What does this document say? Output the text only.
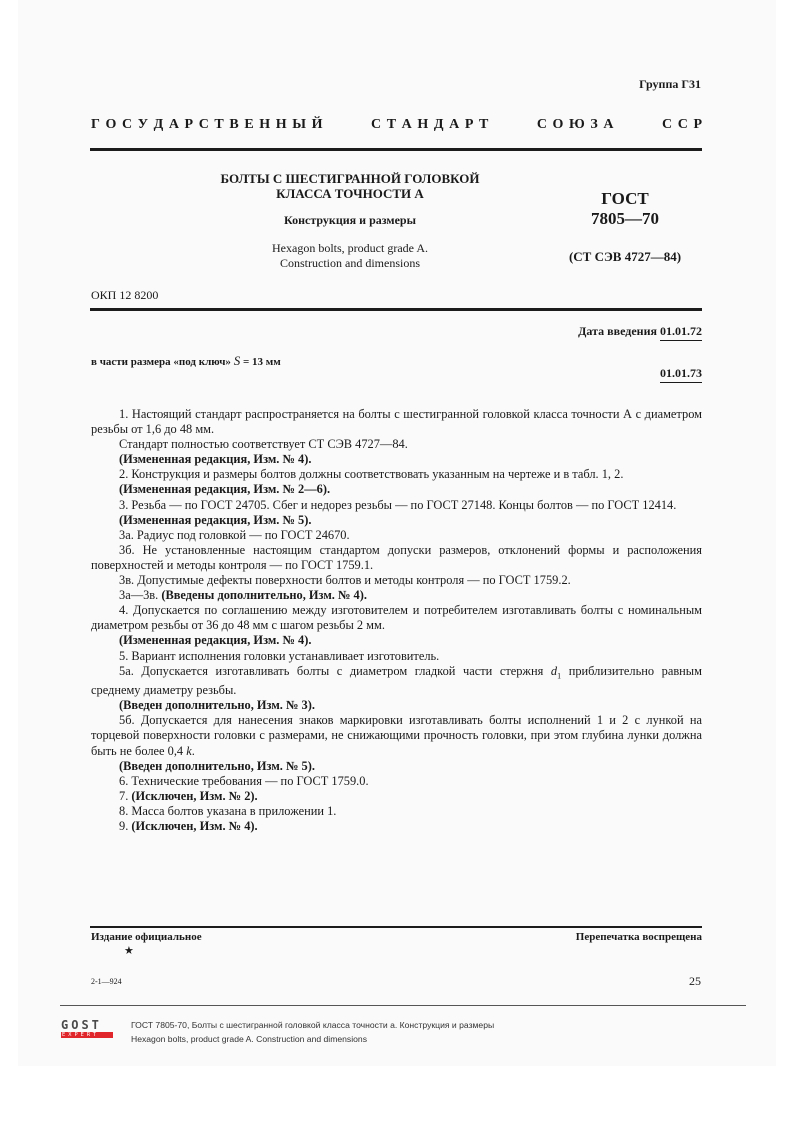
Группа Г31
Г  О  С  У  Д  А  Р  С  Т  В  Е  Н  Н  Ы  Й	С  Т  А  Н  Д  А  Р  Т	С  О  Ю  З  А	С  С  Р
БОЛТЫ С ШЕСТИГРАННОЙ ГОЛОВКОЙ
КЛАССА ТОЧНОСТИ А
Конструкция и размеры
Hexagon bolts, product grade A.
Construction and dimensions
ГОСТ
7805—70
(СТ СЭВ 4727—84)
ОКП 12 8200
Дата введения 01.01.72
в части размера «под ключ» S = 13 мм
01.01.73

1. Настоящий стандарт распространяется на болты с шестигранной головкой класса точности А с диаметром резьбы от 1,6 до 48 мм.

Стандарт полностью соответствует СТ СЭВ 4727—84.

(Измененная редакция, Изм. № 4).

2. Конструкция и размеры болтов должны соответствовать указанным на чертеже и в табл. 1, 2.

(Измененная редакция, Изм. № 2—6).

3. Резьба — по ГОСТ 24705. Сбег и недорез резьбы — по ГОСТ 27148. Концы болтов — по ГОСТ 12414.

(Измененная редакция, Изм. № 5).

3а. Радиус под головкой — по ГОСТ 24670.

3б. Не установленные настоящим стандартом допуски размеров, отклонений формы и расположения поверхностей и методы контроля — по ГОСТ 1759.1.

3в. Допустимые дефекты поверхности болтов и методы контроля — по ГОСТ 1759.2.

3а—3в. (Введены дополнительно, Изм. № 4).

4. Допускается по соглашению между изготовителем и потребителем изготавливать болты с номинальным диаметром резьбы от 36 до 48 мм с шагом резьбы 2 мм.

(Измененная редакция, Изм. № 4).

5. Вариант исполнения головки устанавливает изготовитель.

5а. Допускается изготавливать болты с диаметром гладкой части стержня $d_1$ приблизительно равным среднему диаметру резьбы.

(Введен дополнительно, Изм. № 3).

5б. Допускается для нанесения знаков маркировки изготавливать болты исполнений 1 и 2 с лункой на торцевой поверхности головки с размерами, не снижающими прочность головки, при этом глубина лунки должна быть не более 0,4 k.

(Введен дополнительно, Изм. № 5).

6. Технические требования — по ГОСТ 1759.0.

7. (Исключен, Изм. № 2).

8. Масса болтов указана в приложении 1.

9. (Исключен, Изм. № 4).

Издание официальное
★
Перепечатка воспрещена
2-1—924	25
GOST
EXPERT
ГОСТ 7805-70, Болты с шестигранной головкой класса точности а. Конструкция и размеры
Hexagon bolts, product grade A. Construction and dimensions
